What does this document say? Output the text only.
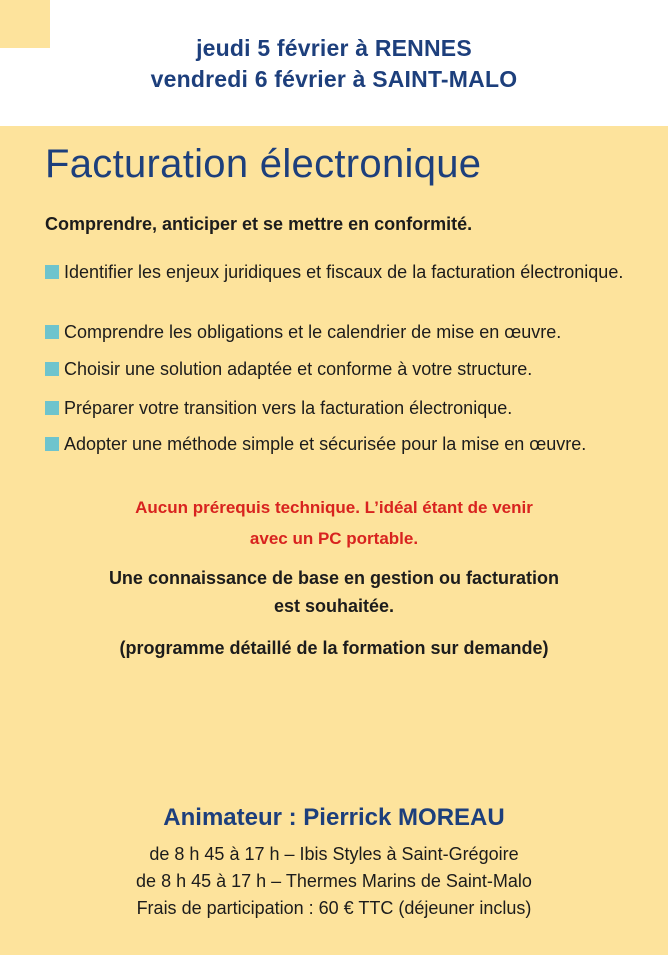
jeudi 5 février à RENNES
vendredi 6 février à SAINT-MALO
Facturation électronique
Comprendre, anticiper et se mettre en conformité.
Identifier les enjeux juridiques et fiscaux de la facturation électronique.
Comprendre les obligations et le calendrier de mise en œuvre.
Choisir une solution adaptée et conforme à votre structure.
Préparer votre transition vers la facturation électronique.
Adopter une méthode simple et sécurisée pour la mise en œuvre.
Aucun prérequis technique. L’idéal étant de venir
avec un PC portable.
Une connaissance de base en gestion ou facturation
est souhaitée.
(programme détaillé de la formation sur demande)
Animateur : Pierrick MOREAU
de 8 h 45 à 17 h – Ibis Styles à Saint-Grégoire
de 8 h 45 à 17 h – Thermes Marins de Saint-Malo
Frais de participation : 60 € TTC (déjeuner inclus)
